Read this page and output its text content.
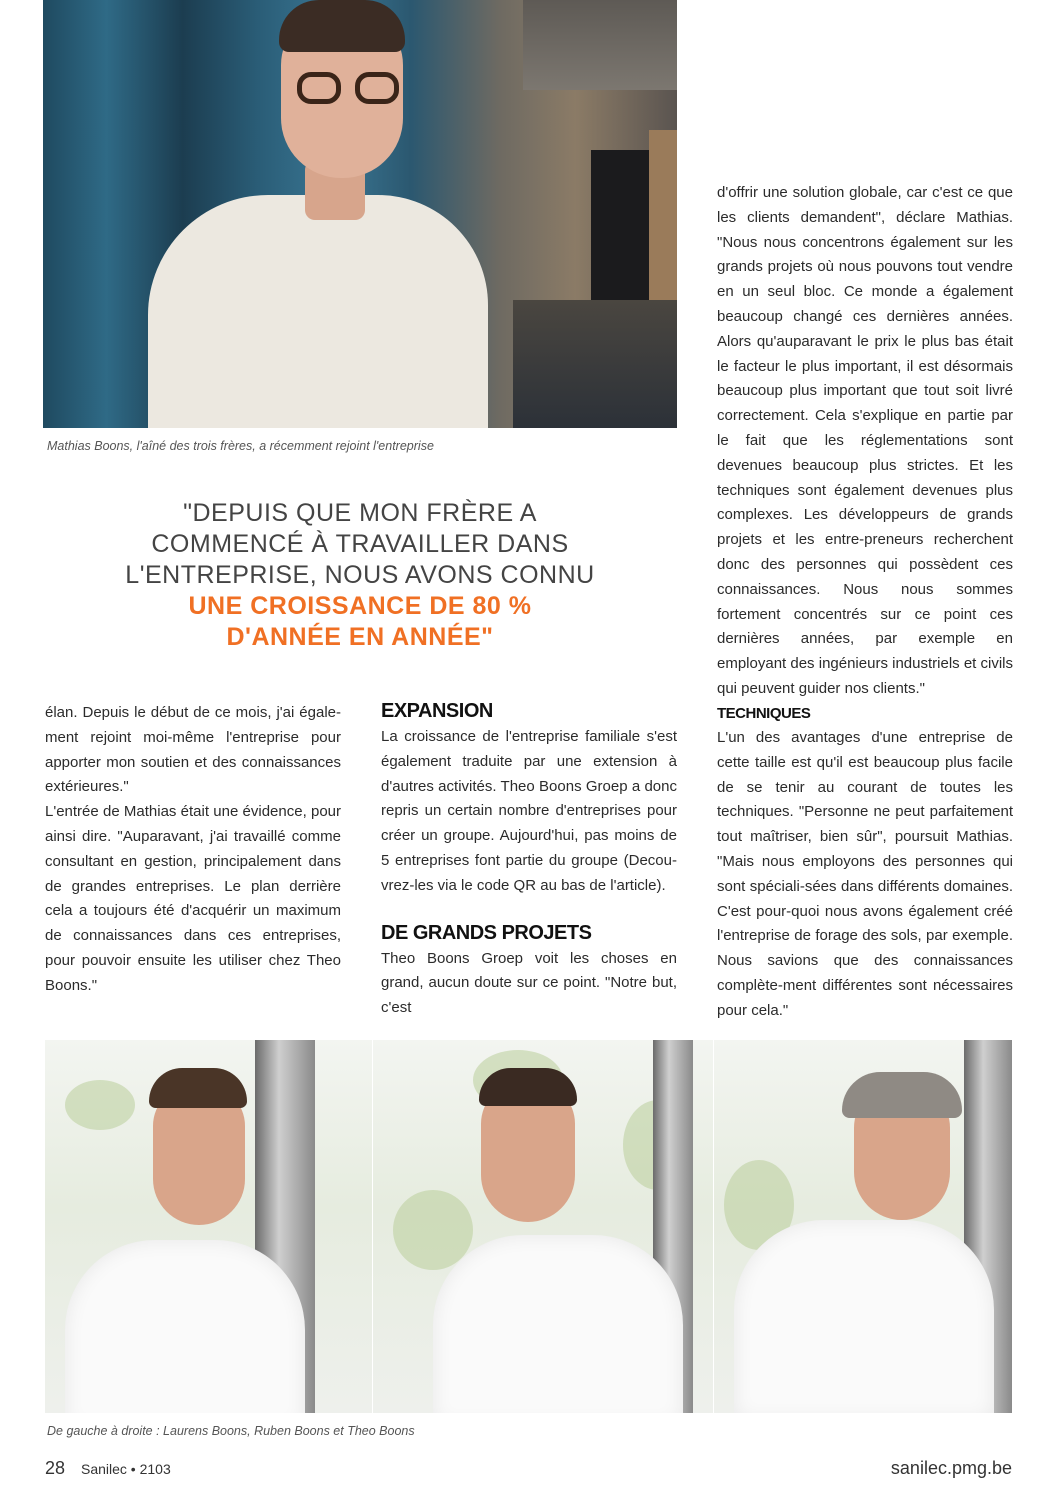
Mathias Boons, l'aîné des trois frères, a récemment rejoint l'entreprise
"DEPUIS QUE MON FRÈRE A
COMMENCÉ À TRAVAILLER DANS
L'ENTREPRISE, NOUS AVONS CONNU
UNE CROISSANCE DE 80 %
D'ANNÉE EN ANNÉE"

d'offrir une solution globale, car c'est ce que les clients demandent", déclare Mathias. "Nous nous concentrons également sur les grands projets où nous pouvons tout vendre en un seul bloc. Ce monde a également beaucoup changé ces dernières années. Alors qu'auparavant le prix le plus bas était le facteur le plus important, il est désormais beaucoup plus important que tout soit livré correctement. Cela s'explique en partie par le fait que les réglementations sont devenues beaucoup plus strictes. Et les techniques sont également devenues plus complexes. Les développeurs de grands projets et les entre-preneurs recherchent donc des personnes qui possèdent ces connaissances. Nous nous sommes fortement concentrés sur ce point ces dernières années, par exemple en employant des ingénieurs industriels et civils qui peuvent guider nos clients."

élan. Depuis le début de ce mois, j'ai égale-ment rejoint moi-même l'entreprise pour apporter mon soutien et des connaissances extérieures."

L'entrée de Mathias était une évidence, pour ainsi dire. "Auparavant, j'ai travaillé comme consultant en gestion, principalement dans de grandes entreprises. Le plan derrière cela a toujours été d'acquérir un maximum de connaissances dans ces entreprises, pour pouvoir ensuite les utiliser chez Theo Boons."

EXPANSION

La croissance de l'entreprise familiale s'est également traduite par une extension à d'autres activités. Theo Boons Groep a donc repris un certain nombre d'entreprises pour créer un groupe. Aujourd'hui, pas moins de 5 entreprises font partie du groupe (Decou-vrez-les via le code QR au bas de l'article).

DE GRANDS PROJETS

Theo Boons Groep voit les choses en grand, aucun doute sur ce point. "Notre but, c'est

TECHNIQUES

L'un des avantages d'une entreprise de cette taille est qu'il est beaucoup plus facile de se tenir au courant de toutes les techniques. "Personne ne peut parfaitement tout maîtriser, bien sûr", poursuit Mathias. "Mais nous employons des personnes qui sont spéciali-sées dans différents domaines. C'est pour-quoi nous avons également créé l'entreprise de forage des sols, par exemple. Nous savions que des connaissances complète-ment différentes sont nécessaires pour cela."

De gauche à droite : Laurens Boons, Ruben Boons et Theo Boons
28 Sanilec • 2103	sanilec.pmg.be
